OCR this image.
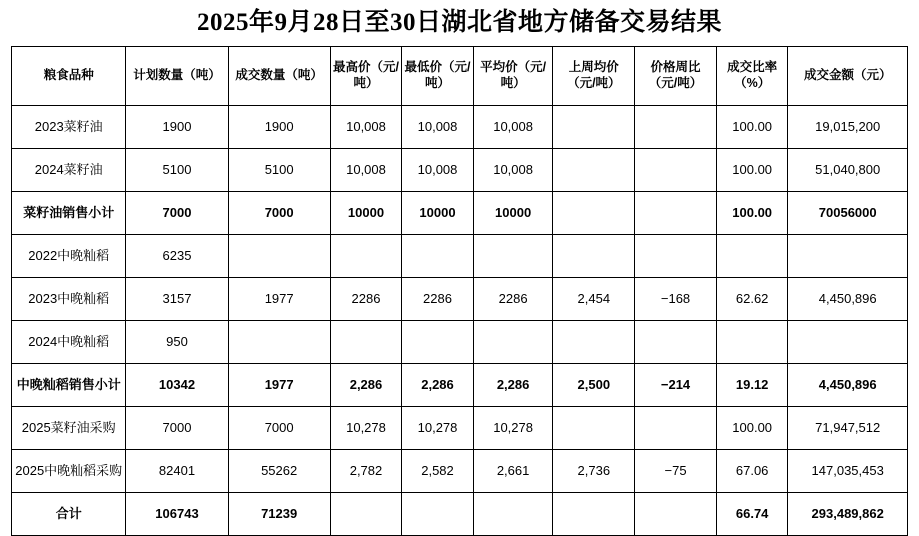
2025年9月28日至30日湖北省地方储备交易结果
粮食品种	计划数量（吨）	成交数量（吨）	最高价（元/吨）	最低价（元/吨）	平均价（元/吨）	上周均价（元/吨）	价格周比（元/吨）	成交比率（%）	成交金额（元）
2023菜籽油	1900	1900	10,008	10,008	10,008			100.00	19,015,200
2024菜籽油	5100	5100	10,008	10,008	10,008			100.00	51,040,800
菜籽油销售小计	7000	7000	10000	10000	10000			100.00	70056000
2022中晚籼稻	6235								
2023中晚籼稻	3157	1977	2286	2286	2286	2,454	−168	62.62	4,450,896
2024中晚籼稻	950								
中晚籼稻销售小计	10342	1977	2,286	2,286	2,286	2,500	−214	19.12	4,450,896
2025菜籽油采购	7000	7000	10,278	10,278	10,278			100.00	71,947,512
2025中晚籼稻采购	82401	55262	2,782	2,582	2,661	2,736	−75	67.06	147,035,453
合计	106743	71239						66.74	293,489,862
